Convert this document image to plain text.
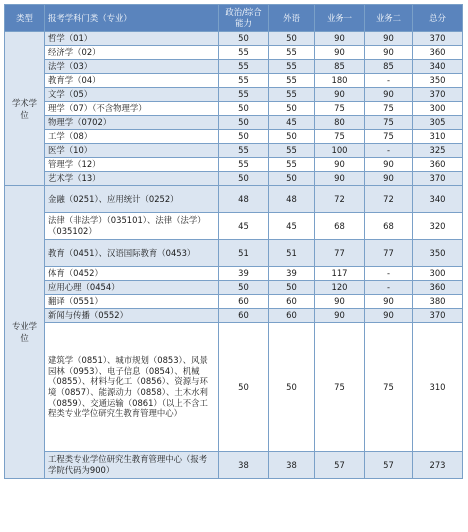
类型	报考学科门类（专业）	政治/综合能力	外语	业务一	业务二	总分
学术学位	哲学（01）	50	50	90	90	370
	经济学（02）	55	55	90	90	360
	法学（03）	55	55	85	85	340
	教育学（04）	55	55	180	-	350
	文学（05）	55	55	90	90	370
	理学（07）（不含物理学）	50	50	75	75	300
	物理学（0702）	50	45	80	75	305
	工学（08）	50	50	75	75	310
	医学（10）	55	55	100	-	325
	管理学（12）	55	55	90	90	360
	艺术学（13）	50	50	90	90	370
专业学位	金融（0251）、应用统计（0252）	48	48	72	72	340
	法律（非法学）（035101）、法律（法学）（035102）	45	45	68	68	320
	教育（0451）、汉语国际教育（0453）	51	51	77	77	350
	体育（0452）	39	39	117	-	300
	应用心理（0454）	50	50	120	-	360
	翻译（0551）	60	60	90	90	380
	新闻与传播（0552）	60	60	90	90	370
	建筑学（0851）、城市规划（0853）、风景园林（0953）、电子信息（0854）、机械（0855）、材料与化工（0856）、资源与环境（0857）、能源动力（0858）、土木水利（0859）、交通运输（0861）（以上不含工程类专业学位研究生教育管理中心）	50	50	75	75	310
	工程类专业学位研究生教育管理中心（报考学院代码为900）	38	38	57	57	273
